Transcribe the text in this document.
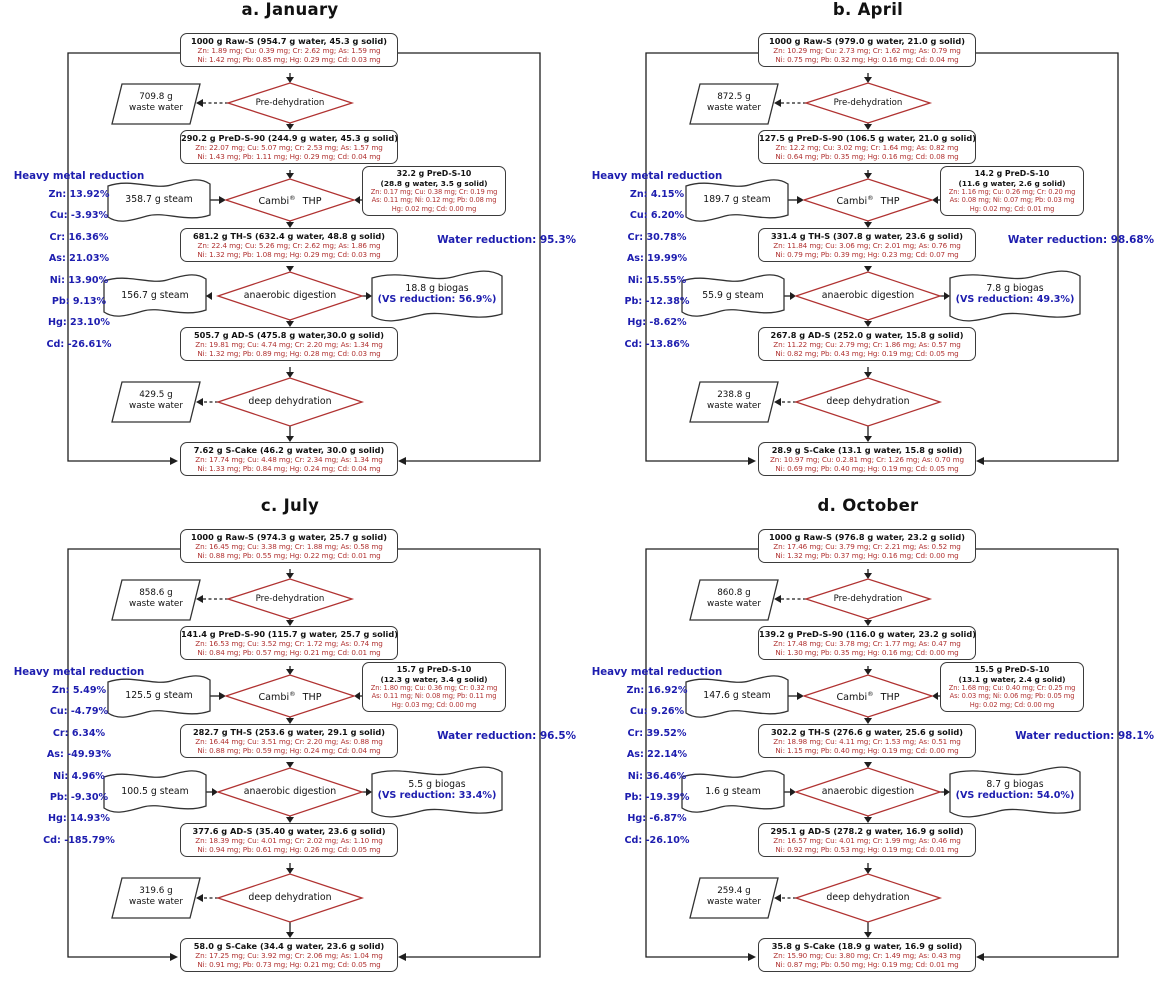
a. January
1000 g Raw-S (954.7 g water, 45.3 g solid)
Zn: 1.89 mg; Cu: 0.39 mg; Cr: 2.62 mg; As: 1.59 mg
Ni: 1.42 mg; Pb: 0.85 mg; Hg: 0.29 mg; Cd: 0.03 mg
709.8 g
waste water	Pre-dehydration
290.2 g PreD-S-90 (244.9 g water, 45.3 g solid)
Zn: 22.07 mg; Cu: 5.07 mg; Cr: 2.53 mg; As: 1.57 mg
Ni: 1.43 mg; Pb: 1.11 mg; Hg: 0.29 mg; Cd: 0.04 mg
358.7 g steam	Cambi® THP
32.2 g PreD-S-10
(28.8 g water, 3.5 g solid)
Zn: 0.17 mg; Cu: 0.38 mg; Cr: 0.19 mg
As: 0.11 mg; Ni: 0.12 mg; Pb: 0.08 mg
Hg: 0.02 mg; Cd: 0.00 mg
681.2 g TH-S (632.4 g water, 48.8 g solid)
Zn: 22.4 mg; Cu: 5.26 mg; Cr: 2.62 mg; As: 1.86 mg
Ni: 1.32 mg; Pb: 1.08 mg; Hg: 0.29 mg; Cd: 0.03 mg
Water reduction: 95.3%
156.7 g steam	anaerobic digestion
18.8 g biogas
(VS reduction: 56.9%)
505.7 g AD-S (475.8 g water,30.0 g solid)
Zn: 19.81 mg; Cu: 4.74 mg; Cr: 2.20 mg; As: 1.34 mg
Ni: 1.32 mg; Pb: 0.89 mg; Hg: 0.28 mg; Cd: 0.03 mg
429.5 g
waste water	deep dehydration
7.62 g S-Cake (46.2 g water, 30.0 g solid)
Zn: 17.74 mg; Cu: 4.48 mg; Cr: 2.34 mg; As: 1.34 mg
Ni: 1.33 mg; Pb: 0.84 mg; Hg: 0.24 mg; Cd: 0.04 mg
Heavy metal reduction
Zn: 13.92%
Cu: -3.93%
Cr: 16.36%
As: 21.03%
Ni: 13.90%
Pb: 9.13%
Hg: 23.10%
Cd: -26.61%
b. April
1000 g Raw-S (979.0 g water, 21.0 g solid)
Zn: 10.29 mg; Cu: 2.73 mg; Cr: 1.62 mg; As: 0.79 mg
Ni: 0.75 mg; Pb: 0.32 mg; Hg: 0.16 mg; Cd: 0.04 mg
872.5 g
waste water	Pre-dehydration
127.5 g PreD-S-90 (106.5 g water, 21.0 g solid)
Zn: 12.2 mg; Cu: 3.02 mg; Cr: 1.64 mg; As: 0.82 mg
Ni: 0.64 mg; Pb: 0.35 mg; Hg: 0.16 mg; Cd: 0.08 mg
189.7 g steam	Cambi® THP
14.2 g PreD-S-10
(11.6 g water, 2.6 g solid)
Zn: 1.16 mg; Cu: 0.26 mg; Cr: 0.20 mg
As: 0.08 mg; Ni: 0.07 mg; Pb: 0.03 mg
Hg: 0.02 mg; Cd: 0.01 mg
331.4 g TH-S (307.8 g water, 23.6 g solid)
Zn: 11.84 mg; Cu: 3.06 mg; Cr: 2.01 mg; As: 0.76 mg
Ni: 0.79 mg; Pb: 0.39 mg; Hg: 0.23 mg; Cd: 0.07 mg
Water reduction: 98.68%
55.9 g steam	anaerobic digestion
7.8 g biogas
(VS reduction: 49.3%)
267.8 g AD-S (252.0 g water, 15.8 g solid)
Zn: 11.22 mg; Cu: 2.79 mg; Cr: 1.86 mg; As: 0.57 mg
Ni: 0.82 mg; Pb: 0.43 mg; Hg: 0.19 mg; Cd: 0.05 mg
238.8 g
waste water	deep dehydration
28.9 g S-Cake (13.1 g water, 15.8 g solid)
Zn: 10.97 mg; Cu: 0.2.81 mg; Cr: 1.26 mg; As: 0.70 mg
Ni: 0.69 mg; Pb: 0.40 mg; Hg: 0.19 mg; Cd: 0.05 mg
Heavy metal reduction
Zn: 4.15%
Cu: 6.20%
Cr: 30.78%
As: 19.99%
Ni: 15.55%
Pb: -12.38%
Hg: -8.62%
Cd: -13.86%
c. July
1000 g Raw-S (974.3 g water, 25.7 g solid)
Zn: 16.45 mg; Cu: 3.38 mg; Cr: 1.88 mg; As: 0.58 mg
Ni: 0.88 mg; Pb: 0.55 mg; Hg: 0.22 mg; Cd: 0.01 mg
858.6 g
waste water	Pre-dehydration
141.4 g PreD-S-90 (115.7 g water, 25.7 g solid)
Zn: 16.53 mg; Cu: 3.52 mg; Cr: 1.72 mg; As: 0.74 mg
Ni: 0.84 mg; Pb: 0.57 mg; Hg: 0.21 mg; Cd: 0.01 mg
125.5 g steam	Cambi® THP
15.7 g PreD-S-10
(12.3 g water, 3.4 g solid)
Zn: 1.80 mg; Cu: 0.36 mg; Cr: 0.32 mg
As: 0.11 mg; Ni: 0.08 mg; Pb: 0.11 mg
Hg: 0.03 mg; Cd: 0.00 mg
282.7 g TH-S (253.6 g water, 29.1 g solid)
Zn: 16.44 mg; Cu: 3.51 mg; Cr: 2.20 mg; As: 0.88 mg
Ni: 0.88 mg; Pb: 0.59 mg; Hg: 0.24 mg; Cd: 0.04 mg
Water reduction: 96.5%
100.5 g steam	anaerobic digestion
5.5 g biogas
(VS reduction: 33.4%)
377.6 g AD-S (35.40 g water, 23.6 g solid)
Zn: 18.39 mg; Cu: 4.01 mg; Cr: 2.02 mg; As: 1.10 mg
Ni: 0.94 mg; Pb: 0.61 mg; Hg: 0.26 mg; Cd: 0.05 mg
319.6 g
waste water	deep dehydration
58.0 g S-Cake (34.4 g water, 23.6 g solid)
Zn: 17.25 mg; Cu: 3.92 mg; Cr: 2.06 mg; As: 1.04 mg
Ni: 0.91 mg; Pb: 0.73 mg; Hg: 0.21 mg; Cd: 0.05 mg
Heavy metal reduction
Zn: 5.49%
Cu: -4.79%
Cr: 6.34%
As: -49.93%
Ni: 4.96%
Pb: -9.30%
Hg: 14.93%
Cd: -185.79%
d. October
1000 g Raw-S (976.8 g water, 23.2 g solid)
Zn: 17.46 mg; Cu: 3.79 mg; Cr: 2.21 mg; As: 0.52 mg
Ni: 1.32 mg; Pb: 0.37 mg; Hg: 0.16 mg; Cd: 0.00 mg
860.8 g
waste water	Pre-dehydration
139.2 g PreD-S-90 (116.0 g water, 23.2 g solid)
Zn: 17.48 mg; Cu: 3.78 mg; Cr: 1.77 mg; As: 0.47 mg
Ni: 1.30 mg; Pb: 0.35 mg; Hg: 0.16 mg; Cd: 0.00 mg
147.6 g steam	Cambi® THP
15.5 g PreD-S-10
(13.1 g water, 2.4 g solid)
Zn: 1.68 mg; Cu: 0.40 mg; Cr: 0.25 mg
As: 0.03 mg; Ni: 0.06 mg; Pb: 0.05 mg
Hg: 0.02 mg; Cd: 0.00 mg
302.2 g TH-S (276.6 g water, 25.6 g solid)
Zn: 18.98 mg; Cu: 4.11 mg; Cr: 1.53 mg; As: 0.51 mg
Ni: 1.15 mg; Pb: 0.40 mg; Hg: 0.19 mg; Cd: 0.00 mg
Water reduction: 98.1%
1.6 g steam	anaerobic digestion
8.7 g biogas
(VS reduction: 54.0%)
295.1 g AD-S (278.2 g water, 16.9 g solid)
Zn: 16.57 mg; Cu: 4.01 mg; Cr: 1.99 mg; As: 0.46 mg
Ni: 0.92 mg; Pb: 0.53 mg; Hg: 0.19 mg; Cd: 0.01 mg
259.4 g
waste water	deep dehydration
35.8 g S-Cake (18.9 g water, 16.9 g solid)
Zn: 15.90 mg; Cu: 3.80 mg; Cr: 1.49 mg; As: 0.43 mg
Ni: 0.87 mg; Pb: 0.50 mg; Hg: 0.19 mg; Cd: 0.01 mg
Heavy metal reduction
Zn: 16.92%
Cu: 9.26%
Cr: 39.52%
As: 22.14%
Ni: 36.46%
Pb: -19.39%
Hg: -6.87%
Cd: -26.10%
